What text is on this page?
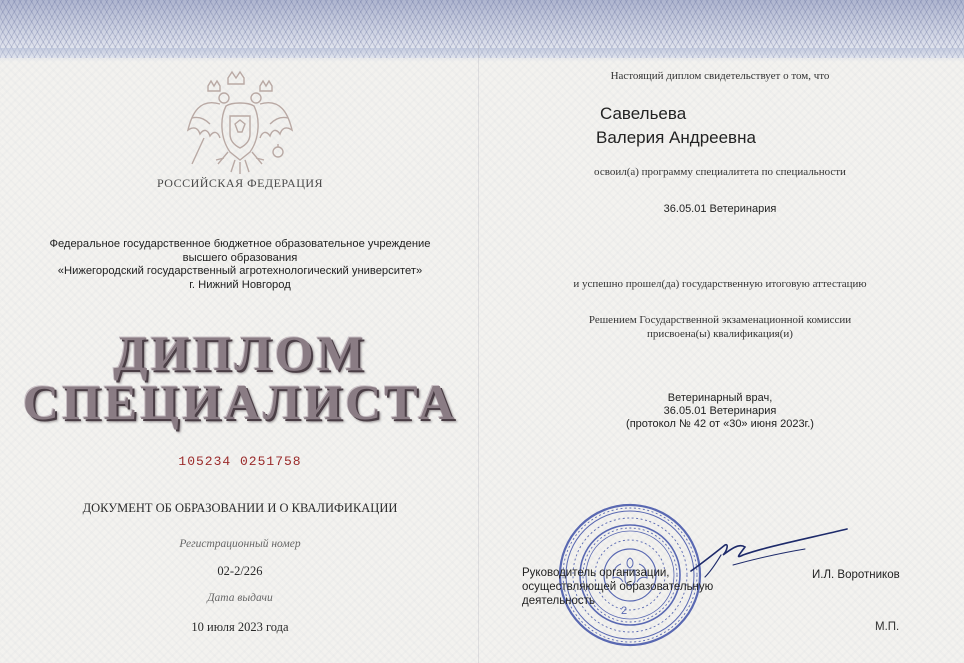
РОССИЙСКАЯ ФЕДЕРАЦИЯ
Федеральное государственное бюджетное образовательное учреждение
высшего образования
«Нижегородский государственный агротехнологический университет»
г. Нижний Новгород
ДИПЛОМ
СПЕЦИАЛИСТА
105234 0251758
ДОКУМЕНТ ОБ ОБРАЗОВАНИИ И О КВАЛИФИКАЦИИ
Регистрационный номер
02-2/226
Дата выдачи
10 июля 2023 года
Настоящий диплом свидетельствует о том, что
Савельева
Валерия Андреевна
освоил(а) программу специалитета по специальности
36.05.01 Ветеринария
и успешно прошел(да) государственную итоговую аттестацию
Решением Государственной экзаменационной комиссии
присвоена(ы) квалификация(и)
Ветеринарный врач,
36.05.01 Ветеринария
(протокол № 42 от «30» июня 2023г.)
2
Руководитель организации,
осуществляющей образовательную
деятельность
И.Л. Воротников
М.П.
